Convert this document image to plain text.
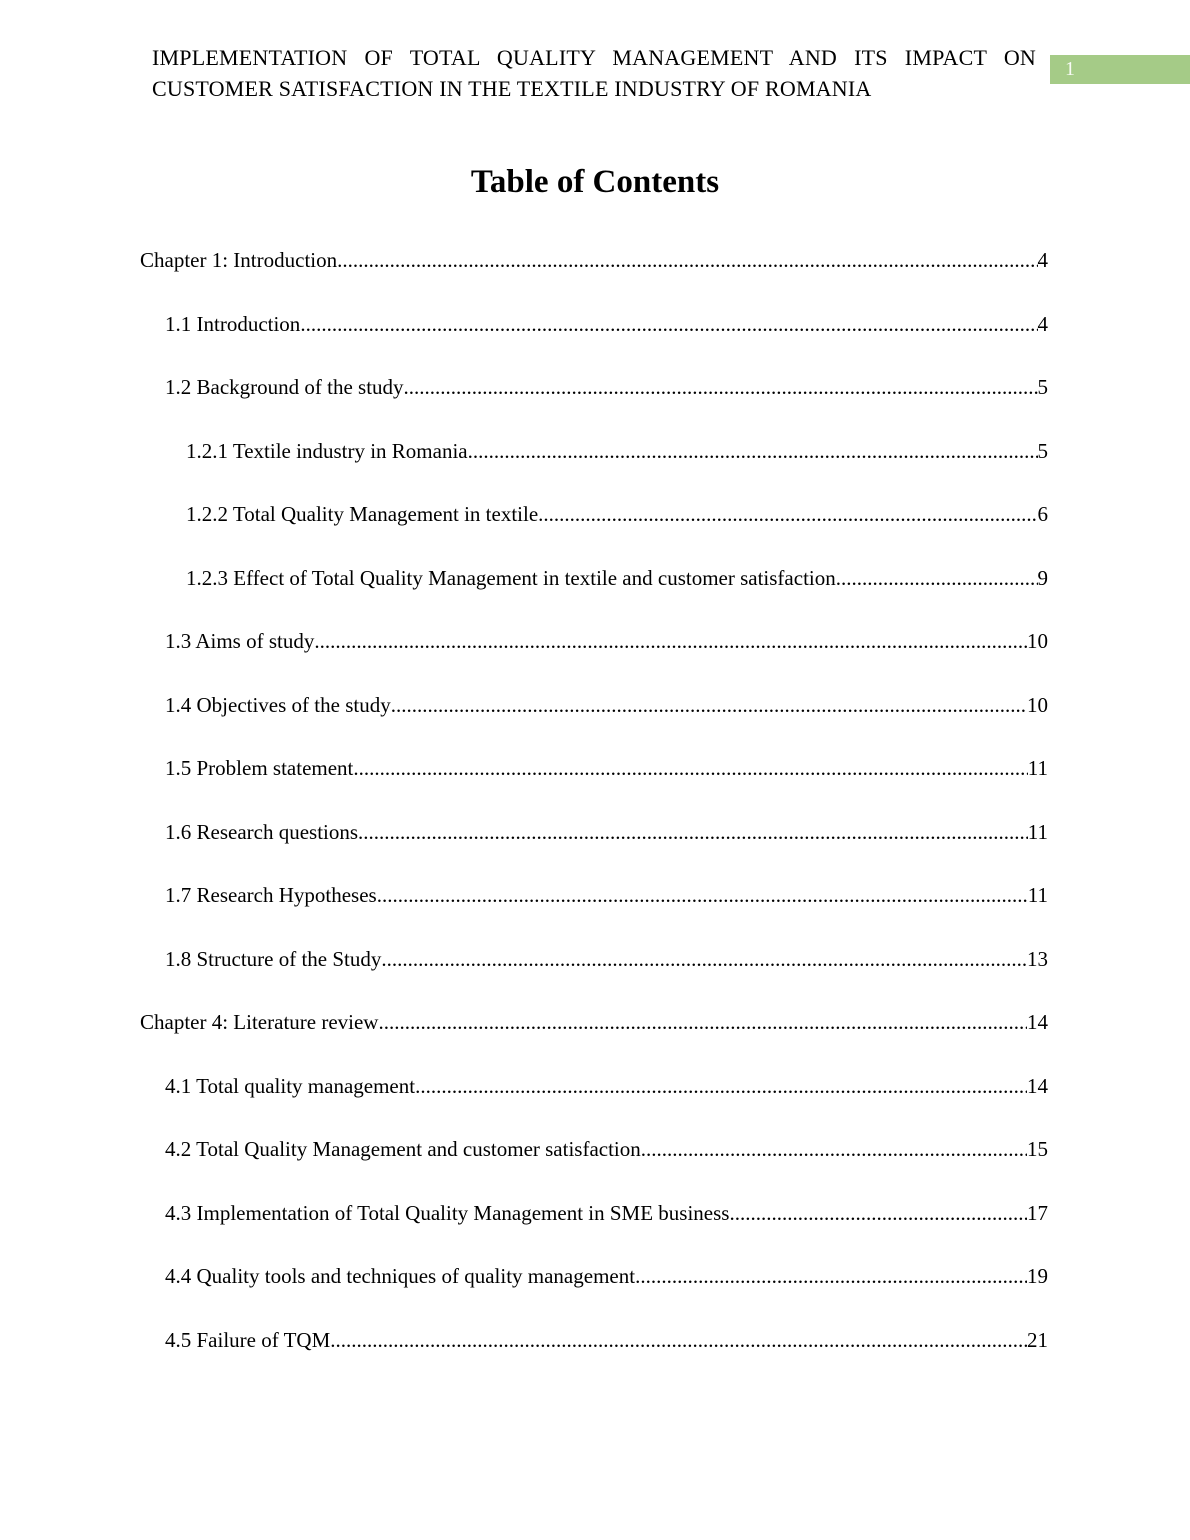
IMPLEMENTATION OF TOTAL QUALITY MANAGEMENT AND ITS IMPACT ON
CUSTOMER SATISFACTION IN THE TEXTILE INDUSTRY OF ROMANIA
1
Table of Contents
Chapter 1: Introduction .....	4
1.1 Introduction .....	4
1.2 Background of the study .....	5
1.2.1 Textile industry in Romania .....	5
1.2.2 Total Quality Management in textile .....	6
1.2.3 Effect of Total Quality Management in textile and customer satisfaction .....	9
1.3 Aims of study .....	10
1.4 Objectives of the study .....	10
1.5 Problem statement .....	11
1.6 Research questions .....	11
1.7 Research Hypotheses .....	11
1.8 Structure of the Study .....	13
Chapter 4: Literature review .....	14
4.1 Total quality management .....	14
4.2 Total Quality Management and customer satisfaction .....	15
4.3 Implementation of Total Quality Management in SME business .....	17
4.4 Quality tools and techniques of quality management .....	19
4.5 Failure of TQM .....	21
